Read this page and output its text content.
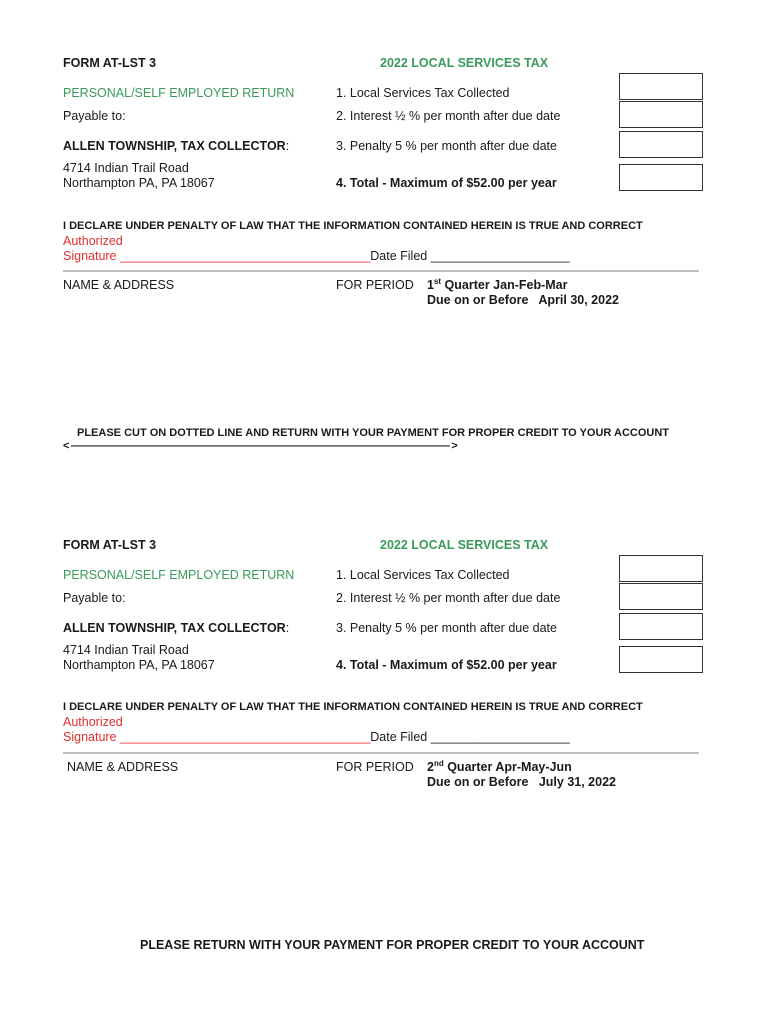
FORM AT-LST 3	2022 LOCAL SERVICES TAX
PERSONAL/SELF EMPLOYED RETURN
Payable to:
ALLEN TOWNSHIP, TAX COLLECTOR:
4714 Indian Trail Road
Northampton PA, PA 18067
1. Local Services Tax Collected
2. Interest ½ % per month after due date
3. Penalty 5 % per month after due date
4. Total - Maximum of $52.00 per year
I DECLARE UNDER PENALTY OF LAW THAT THE INFORMATION CONTAINED HEREIN IS TRUE AND CORRECT
Authorized
Signature ____________________________________Date Filed ____________________
NAME & ADDRESS	FOR PERIOD 1st Quarter Jan-Feb-Mar
Due on or Before April 30, 2022
PLEASE CUT ON DOTTED LINE AND RETURN WITH YOUR PAYMENT FOR PROPER CREDIT TO YOUR ACCOUNT
< –––––––––––––––––––––––––––––––––––––––––––––––––––––––––––––––––––––––––– >
FORM AT-LST 3	2022 LOCAL SERVICES TAX
PERSONAL/SELF EMPLOYED RETURN
Payable to:
ALLEN TOWNSHIP, TAX COLLECTOR:
4714 Indian Trail Road
Northampton PA, PA 18067
1. Local Services Tax Collected
2. Interest ½ % per month after due date
3. Penalty 5 % per month after due date
4. Total - Maximum of $52.00 per year
I DECLARE UNDER PENALTY OF LAW THAT THE INFORMATION CONTAINED HEREIN IS TRUE AND CORRECT
Authorized
Signature ____________________________________Date Filed ____________________
NAME & ADDRESS	FOR PERIOD 2nd Quarter Apr-May-Jun
Due on or Before July 31, 2022
PLEASE RETURN WITH YOUR PAYMENT FOR PROPER CREDIT TO YOUR ACCOUNT
